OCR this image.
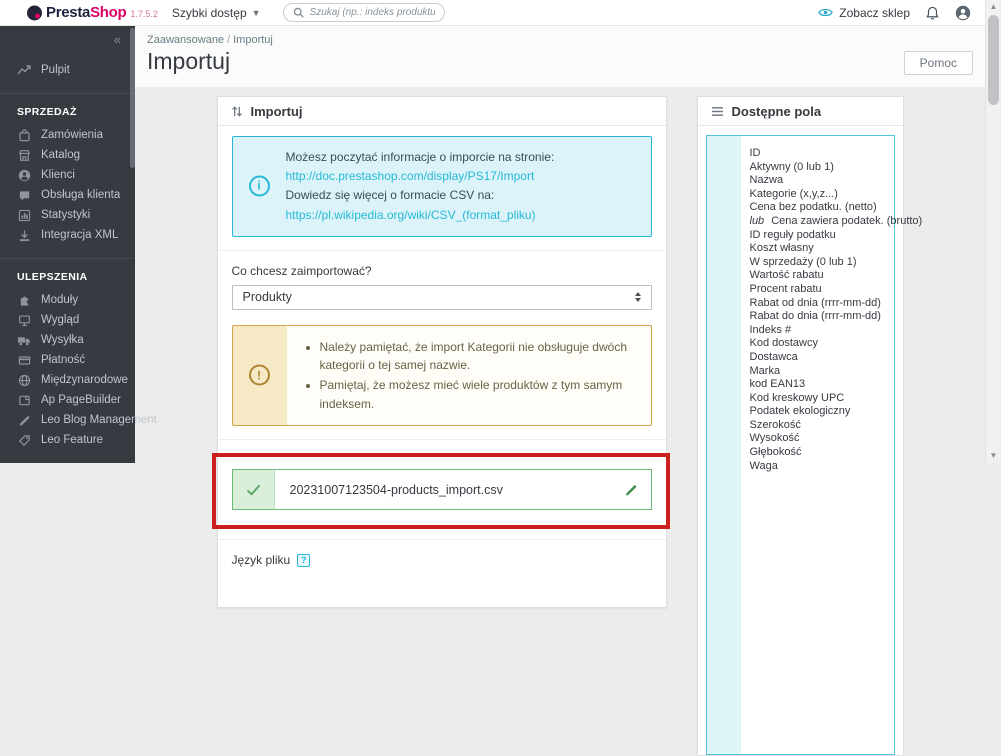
▲
▼
PrestaShop 1.7.5.2 Szybki dostęp ▼
Szukaj (np.: indeks produktu, nazwa klie	Zobacz sklep
«
Pulpit
SPRZEDAŻ
Zamówienia
Katalog
Klienci
Obsługa klienta
Statystyki
Integracja XML
ULEPSZENIA
Moduły
Wygląd
Wysyłka
Płatność
Międzynarodowe
Ap PageBuilder
Leo Blog Management
Leo Feature
Zaawansowane / Importuj
Importuj	Pomoc
Importuj
i
Możesz poczytać informacje o imporcie na stronie: http://doc.prestashop.com/display/PS17/Import
Dowiedz się więcej o formacie CSV na: https://pl.wikipedia.org/wiki/CSV_(format_pliku)
Co chcesz zaimportować?
Produkty
!
• Należy pamiętać, że import Kategorii nie obsługuje dwóch kategorii o tej samej nazwie.
• Pamiętaj, że możesz mieć wiele produktów z tym samym indeksem.
20231007123504-products_import.csv
Język pliku	?
Dostępne pola
ID
Aktywny (0 lub 1)
Nazwa
Kategorie (x,y,z...)
Cena bez podatku. (netto)
lub Cena zawiera podatek. (brutto)
ID reguły podatku
Koszt własny
W sprzedaży (0 lub 1)
Wartość rabatu
Procent rabatu
Rabat od dnia (rrrr-mm-dd)
Rabat do dnia (rrrr-mm-dd)
Indeks #
Kod dostawcy
Dostawca
Marka
kod EAN13
Kod kreskowy UPC
Podatek ekologiczny
Szerokość
Wysokość
Głębokość
Waga
